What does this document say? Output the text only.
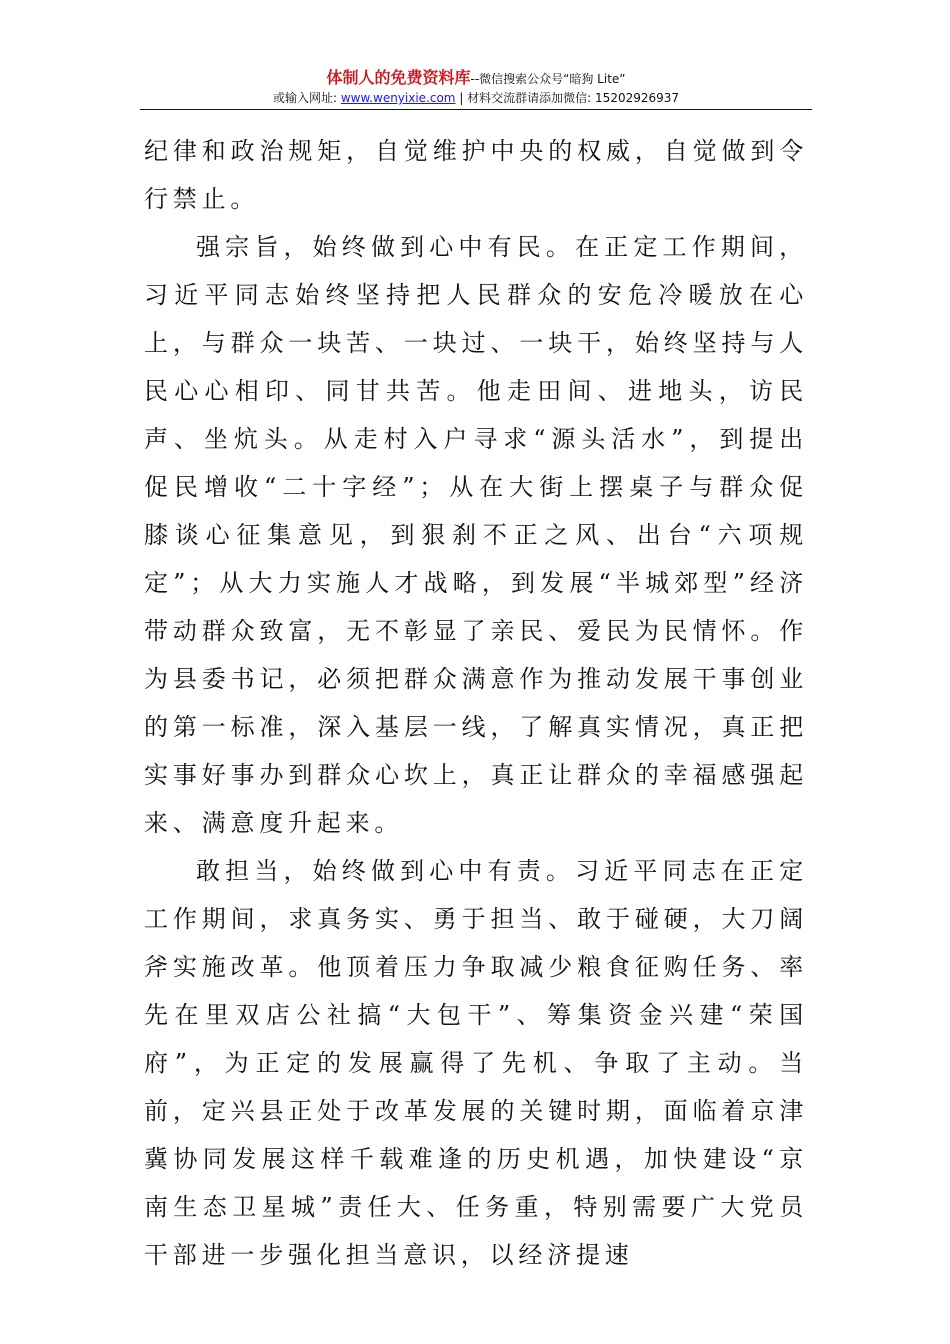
体制人的免费资料库--微信搜索公众号“暗狗 Lite”
或输入网址: www.wenyixie.com | 材料交流群请添加微信: 15202926937

纪律和政治规矩，自觉维护中央的权威，自觉做到令行禁止。

强宗旨，始终做到心中有民。在正定工作期间，习近平同志始终坚持把人民群众的安危冷暖放在心上，与群众一块苦、一块过、一块干，始终坚持与人民心心相印、同甘共苦。他走田间、进地头，访民声、坐炕头。从走村入户寻求“源头活水”，到提出促民增收“二十字经”；从在大街上摆桌子与群众促膝谈心征集意见，到狠刹不正之风、出台“六项规定”；从大力实施人才战略，到发展“半城郊型”经济带动群众致富，无不彰显了亲民、爱民为民情怀。作为县委书记，必须把群众满意作为推动发展干事创业的第一标准，深入基层一线，了解真实情况，真正把实事好事办到群众心坎上，真正让群众的幸福感强起来、满意度升起来。

敢担当，始终做到心中有责。习近平同志在正定工作期间，求真务实、勇于担当、敢于碰硬，大刀阔斧实施改革。他顶着压力争取减少粮食征购任务、率先在里双店公社搞“大包干”、筹集资金兴建“荣国府”，为正定的发展赢得了先机、争取了主动。当前，定兴县正处于改革发展的关键时期，面临着京津冀协同发展这样千载难逢的历史机遇，加快建设“京南生态卫星城”责任大、任务重，特别需要广大党员干部进一步强化担当意识，以经济提速
